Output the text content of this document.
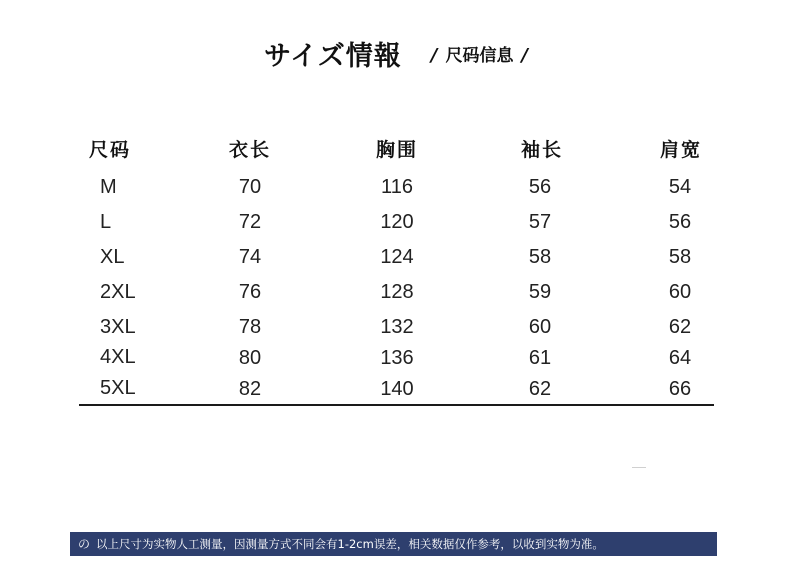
サイズ情報 / 尺码信息 /
尺码	衣长	胸围	袖长	肩宽
M	70	116	56	54
L	72	120	57	56
XL	74	124	58	58
2XL	76	128	59	60
3XL	78	132	60	62
4XL	80	136	61	64
5XL	82	140	62	66
の 以上尺寸为实物人工测量，因测量方式不同会有1-2cm误差，相关数据仅作参考，以收到实物为准。
